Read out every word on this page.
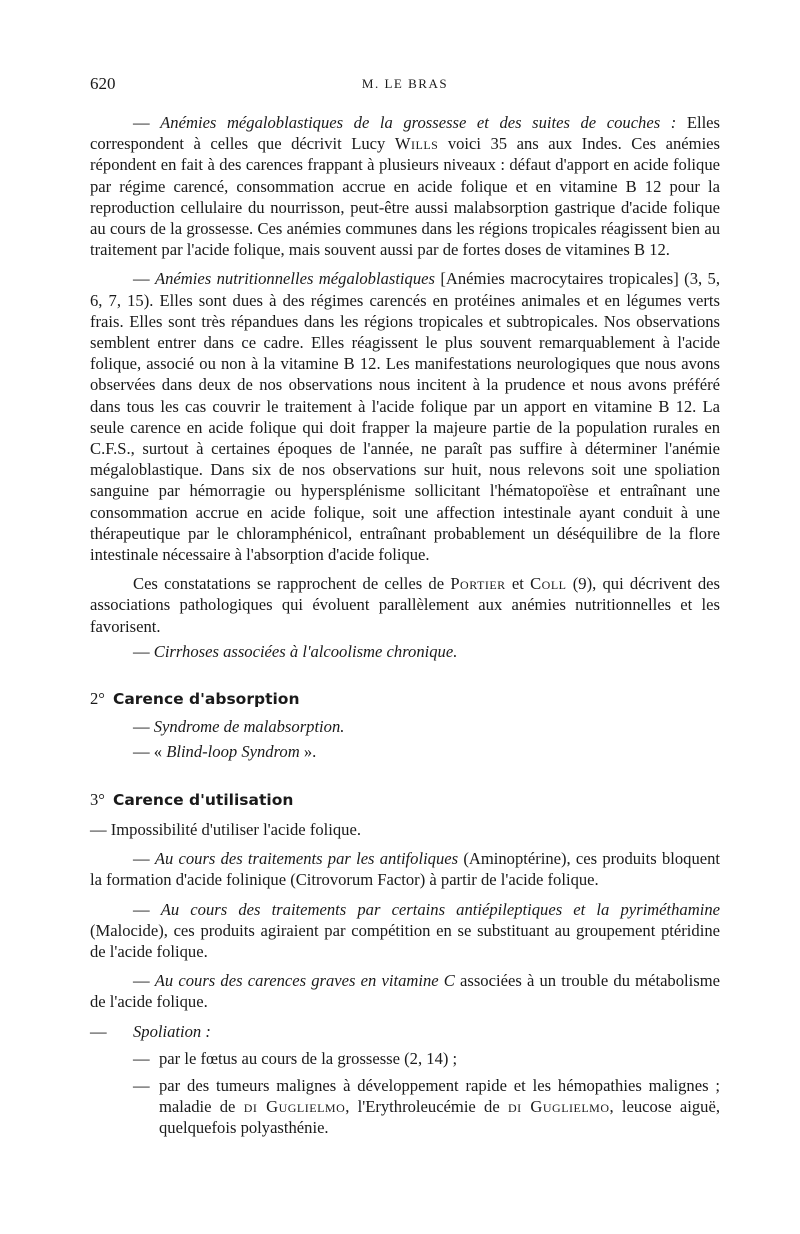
620	M. LE BRAS

— Anémies mégaloblastiques de la grossesse et des suites de couches : Elles correspondent à celles que décrivit Lucy Wills voici 35 ans aux Indes. Ces anémies répondent en fait à des carences frappant à plusieurs niveaux : défaut d'apport en acide folique par régime carencé, consommation accrue en acide folique et en vitamine B 12 pour la reproduction cellulaire du nourrisson, peut-être aussi malabsorption gastrique d'acide folique au cours de la grossesse. Ces anémies communes dans les régions tropicales réagissent bien au traitement par l'acide folique, mais souvent aussi par de fortes doses de vitamines B 12.

— Anémies nutritionnelles mégaloblastiques [Anémies macrocytaires tropicales] (3, 5, 6, 7, 15). Elles sont dues à des régimes carencés en protéines animales et en légumes verts frais. Elles sont très répandues dans les régions tropicales et subtropicales. Nos observations semblent entrer dans ce cadre. Elles réagissent le plus souvent remarquablement à l'acide folique, associé ou non à la vitamine B 12. Les manifestations neurologiques que nous avons observées dans deux de nos observations nous incitent à la prudence et nous avons préféré dans tous les cas couvrir le traitement à l'acide folique par un apport en vitamine B 12. La seule carence en acide folique qui doit frapper la majeure partie de la population rurales en C.F.S., surtout à certaines époques de l'année, ne paraît pas suffire à déterminer l'anémie mégaloblastique. Dans six de nos observations sur huit, nous relevons soit une spoliation sanguine par hémorragie ou hypersplénisme sollicitant l'hématopoïèse et entraînant une consommation accrue en acide folique, soit une affection intestinale ayant conduit à une thérapeutique par le chloramphénicol, entraînant probablement un déséquilibre de la flore intestinale nécessaire à l'absorption d'acide folique.

Ces constatations se rapprochent de celles de Portier et Coll (9), qui décrivent des associations pathologiques qui évoluent parallèlement aux anémies nutritionnelles et les favorisent.

— Cirrhoses associées à l'alcoolisme chronique.

2° Carence d'absorption

— Syndrome de malabsorption.

— « Blind-loop Syndrom ».

3° Carence d'utilisation

— Impossibilité d'utiliser l'acide folique.

— Au cours des traitements par les antifoliques (Aminoptérine), ces produits bloquent la formation d'acide folinique (Citrovorum Factor) à partir de l'acide folique.

— Au cours des traitements par certains antiépileptiques et la pyriméthamine (Malocide), ces produits agiraient par compétition en se substituant au groupement ptéridine de l'acide folique.

— Au cours des carences graves en vitamine C associées à un trouble du métabolisme de l'acide folique.

—	Spoliation :
— par le fœtus au cours de la grossesse (2, 14) ;
— par des tumeurs malignes à développement rapide et les hémopathies malignes ; maladie de di Guglielmo, l'Erythroleucémie de di Guglielmo, leucose aiguë, quelquefois polyasthénie.
